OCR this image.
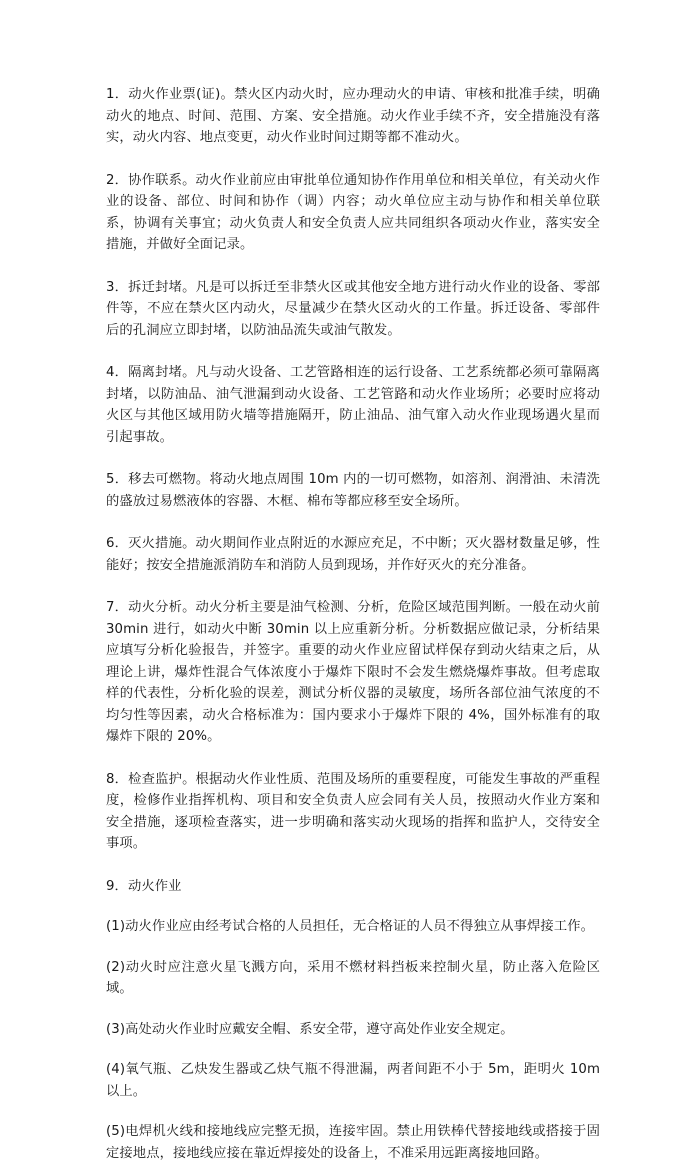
1．动火作业票(证)。禁火区内动火时，应办理动火的申请、审核和批准手续，明确动火的地点、时间、范围、方案、安全措施。动火作业手续不齐，安全措施没有落实，动火内容、地点变更，动火作业时间过期等都不准动火。

2．协作联系。动火作业前应由审批单位通知协作作用单位和相关单位，有关动火作业的设备、部位、时间和协作（调）内容；动火单位应主动与协作和相关单位联系，协调有关事宜；动火负责人和安全负责人应共同组织各项动火作业，落实安全措施，并做好全面记录。

3．拆迁封堵。凡是可以拆迁至非禁火区或其他安全地方进行动火作业的设备、零部件等，不应在禁火区内动火，尽量减少在禁火区动火的工作量。拆迁设备、零部件后的孔洞应立即封堵，以防油品流失或油气散发。

4．隔离封堵。凡与动火设备、工艺管路相连的运行设备、工艺系统都必须可靠隔离封堵，以防油品、油气泄漏到动火设备、工艺管路和动火作业场所；必要时应将动火区与其他区域用防火墙等措施隔开，防止油品、油气窜入动火作业现场遇火星而引起事故。

5．移去可燃物。将动火地点周围 10m 内的一切可燃物，如溶剂、润滑油、未清洗的盛放过易燃液体的容器、木框、棉布等都应移至安全场所。

6．灭火措施。动火期间作业点附近的水源应充足，不中断；灭火器材数量足够，性能好；按安全措施派消防车和消防人员到现场，并作好灭火的充分准备。

7．动火分析。动火分析主要是油气检测、分析，危险区域范围判断。一般在动火前 30min 进行，如动火中断 30min 以上应重新分析。分析数据应做记录，分析结果应填写分析化验报告，并签字。重要的动火作业应留试样保存到动火结束之后，从理论上讲，爆炸性混合气体浓度小于爆炸下限时不会发生燃烧爆炸事故。但考虑取样的代表性，分析化验的误差，测试分析仪器的灵敏度，场所各部位油气浓度的不均匀性等因素，动火合格标准为：国内要求小于爆炸下限的 4%，国外标准有的取爆炸下限的 20%。

8．检查监护。根据动火作业性质、范围及场所的重要程度，可能发生事故的严重程度，检修作业指挥机构、项目和安全负责人应会同有关人员，按照动火作业方案和安全措施，逐项检查落实，进一步明确和落实动火现场的指挥和监护人，交待安全事项。

9．动火作业

(1)动火作业应由经考试合格的人员担任，无合格证的人员不得独立从事焊接工作。

(2)动火时应注意火星飞溅方向，采用不燃材料挡板来控制火星，防止落入危险区域。

(3)高处动火作业时应戴安全帽、系安全带，遵守高处作业安全规定。

(4)氧气瓶、乙炔发生器或乙炔气瓶不得泄漏，两者间距不小于 5m，距明火 10m 以上。

(5)电焊机火线和接地线应完整无损，连接牢固。禁止用铁棒代替接地线或搭接于固定接地点，接地线应接在靠近焊接处的设备上，不准采用远距离接地回路。
